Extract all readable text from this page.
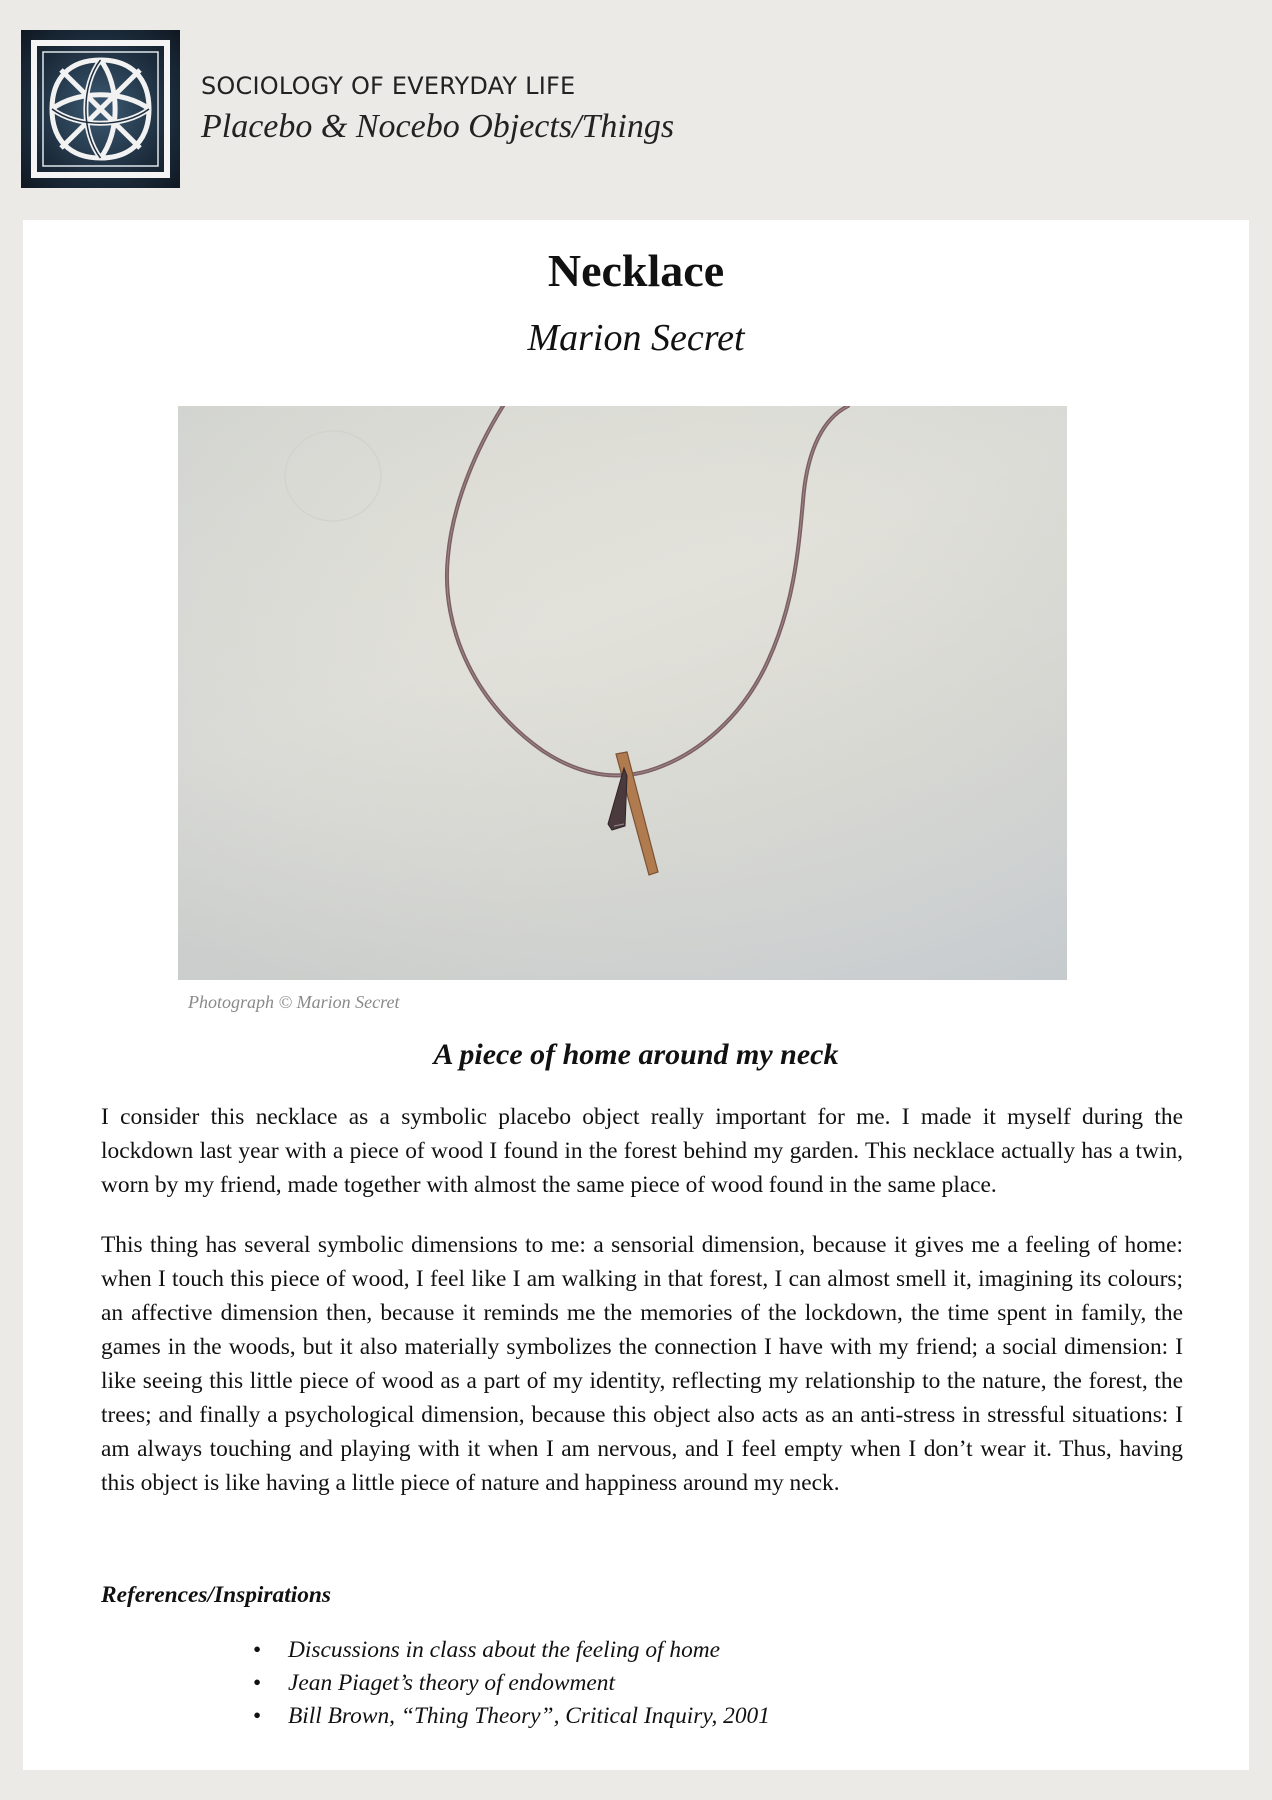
SOCIOLOGY OF EVERYDAY LIFE
Placebo & Nocebo Objects/Things
Necklace
Marion Secret
Photograph © Marion Secret
A piece of home around my neck

I consider this necklace as a symbolic placebo object really important for me. I made it myself during the lockdown last year with a piece of wood I found in the forest behind my garden. This necklace actually has a twin, worn by my friend, made together with almost the same piece of wood found in the same place.

This thing has several symbolic dimensions to me: a sensorial dimension, because it gives me a feeling of home: when I touch this piece of wood, I feel like I am walking in that forest, I can almost smell it, imagining its colours; an affective dimension then, because it reminds me the memories of the lockdown, the time spent in family, the games in the woods, but it also materially symbolizes the connection I have with my friend; a social dimension: I like seeing this little piece of wood as a part of my identity, reflecting my relationship to the nature, the forest, the trees; and finally a psychological dimension, because this object also acts as an anti-stress in stressful situations: I am always touching and playing with it when I am nervous, and I feel empty when I don’t wear it. Thus, having this object is like having a little piece of nature and happiness around my neck.

References/Inspirations
• Discussions in class about the feeling of home
• Jean Piaget’s theory of endowment
• Bill Brown, “Thing Theory”, Critical Inquiry, 2001
